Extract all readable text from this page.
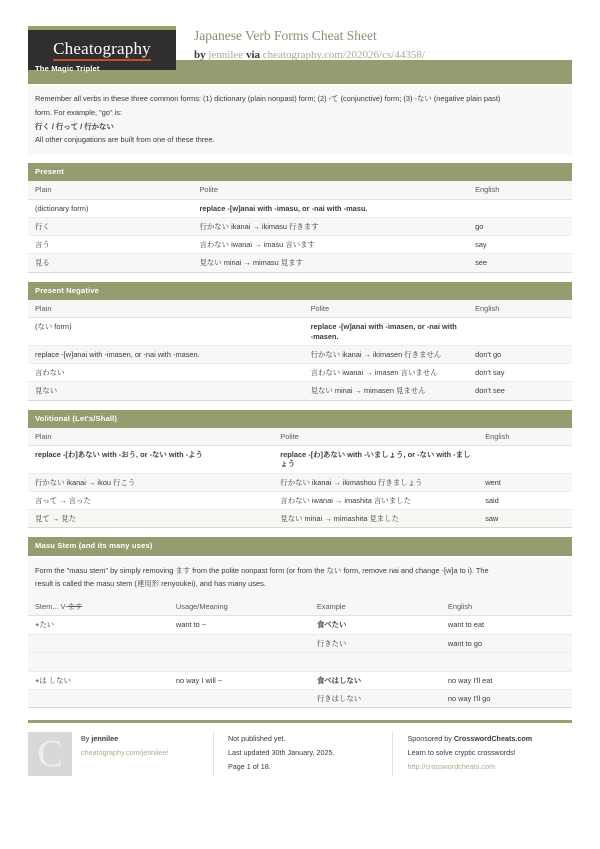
Cheatography
Japanese Verb Forms Cheat Sheet
by jennilee via cheatography.com/202026/cs/44358/
The Magic Triplet
Remember all verbs in these three common forms: (1) dictionary (plain nonpast) form; (2) -て (conjunctive) form; (3) -ない (negative plain past)
form. For example, "go" is:
行く / 行って / 行かない
All other conjugations are built from one of these three.
Present
Plain	Polite	English
(dictionary form)	replace -[w]anai with -imasu, or -nai with -masu.	
行く	行かない ikanai → ikimasu 行きます	go
言う	言わない iwanai → imasu 言います	say
見る	見ない minai → mimasu 見ます	see
Present Negative
Plain	Polite	English
(ない form)	replace -[w]anai with -imasen, or -nai with -masen.	
replace -[w]anai with -imasen, or -nai with -masen.	行かない ikanai → ikimasen 行きません	don't go
言わない	言わない iwanai → imasen 言いません	don't say
見ない	見ない minai → mimasen 見ません	don't see
Volitional (Let's/Shall)
Plain	Polite	English
replace -[わ]あない with -おう, or -ない with -よう	replace -[わ]あない with -いましょう, or -ない with -ましょう	
行かない ikanai → ikou 行こう	行かない ikanai → ikimashou 行きましょう	went
言って → 言った	言わない iwanai → imashita 言いました	said
見て → 見た	見ない minai → mimashita 見ました	saw
Masu Stem (and its many uses)
Form the "masu stem" by simply removing ます from the polite nonpast form (or from the ない form, remove nai and change -[w]a to i). The
result is called the masu stem (連用形 renyoukei), and has many uses.
Stem... V-ます	Usage/Meaning	Example	English
+たい	want to ~	食べたい	want to eat
		行きたい	want to go

+は しない	no way I will ~	食べはしない	no way I'll eat
		行きはしない	no way I'll go
C	By jennilee
cheatography.com/jennilee/
Not published yet.
Last updated 30th January, 2025.
Page 1 of 18.
Sponsored by CrosswordCheats.com
Learn to solve cryptic crosswords!
http://crosswordcheats.com
